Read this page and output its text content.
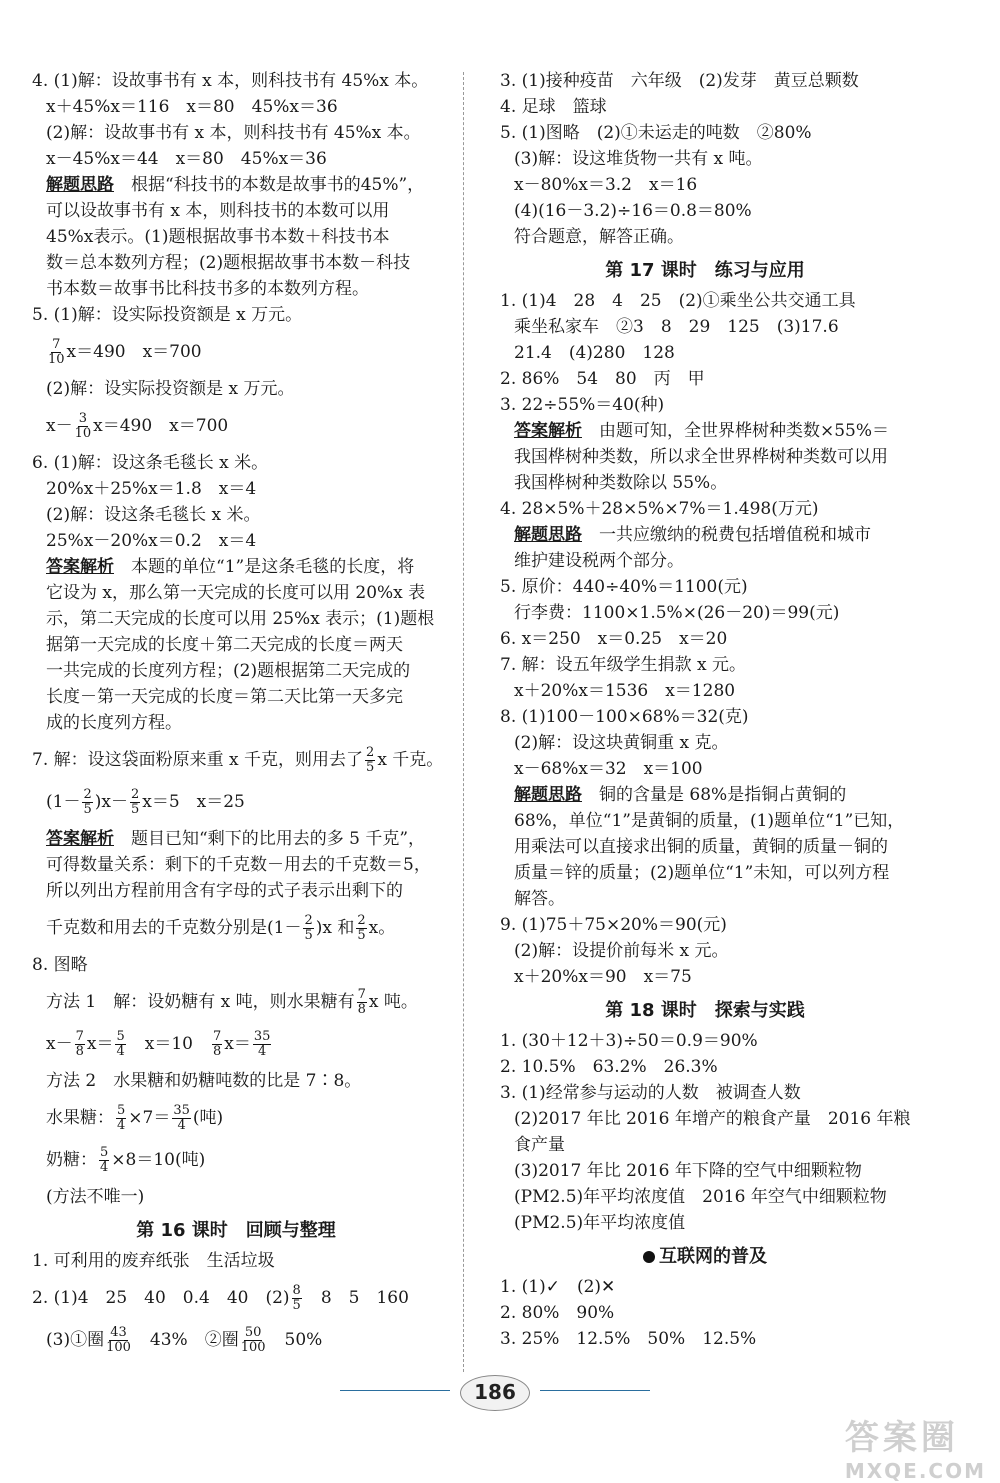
4. (1)解：设故事书有 x 本，则科技书有 45%x 本。
x＋45%x＝116　x＝80　45%x＝36
(2)解：设故事书有 x 本，则科技书有 45%x 本。
x－45%x＝44　x＝80　45%x＝36
解题思路　根据“科技书的本数是故事书的45%”，
可以设故事书有 x 本，则科技书的本数可以用
45%x表示。(1)题根据故事书本数＋科技书本
数＝总本数列方程；(2)题根据故事书本数－科技
书本数＝故事书比科技书多的本数列方程。
5. (1)解：设实际投资额是 x 万元。
$\frac{7}{10} x=490$　x＝700
(2)解：设实际投资额是 x 万元。
$x- \frac{3}{10} x=490$　x＝700
6. (1)解：设这条毛毯长 x 米。
20%x＋25%x＝1.8　x＝4
(2)解：设这条毛毯长 x 米。
25%x－20%x＝0.2　x＝4
答案解析　本题的单位“1”是这条毛毯的长度，将
它设为 x，那么第一天完成的长度可以用 20%x 表
示，第二天完成的长度可以用 25%x 表示；(1)题根
据第一天完成的长度＋第二天完成的长度＝两天
一共完成的长度列方程；(2)题根据第二天完成的
长度－第一天完成的长度＝第二天比第一天多完
成的长度列方程。
7. 解：设这袋面粉原来重 x 千克，则用去了 $\frac{2}{5}$ x 千克。
$(1- \frac{2}{5} )x- \frac{2}{5} x=5$　x＝25
答案解析　题目已知“剩下的比用去的多 5 千克”，
可得数量关系：剩下的千克数－用去的千克数＝5，
所以列出方程前用含有字母的式子表示出剩下的
千克数和用去的千克数分别是$(1- \frac{2}{5} )x$ 和 $\frac{2}{5}$ x。
8. 图略
方法 1　解：设奶糖有 x 吨，则水果糖有 $\frac{7}{8}$ x 吨。
$x- \frac{7}{8} x= \frac{5}{4}$ 　x＝10　 $\frac{7}{8} x= \frac{35}{4}$
方法 2　水果糖和奶糖吨数的比是 7∶8。
水果糖： $\frac{5}{4} \times 7= \frac{35}{4}$ (吨)
奶糖： $\frac{5}{4} \times 8=10$(吨)
(方法不唯一)
第 16 课时　回顾与整理
1. 可利用的废弃纸张　生活垃圾
2. (1)4　25　40　0.4　40　$(2) \frac{8}{5}$ 　8　5　160
(3)①圈 $\frac{43}{100}$ 　43%　②圈 $\frac{50}{100}$ 　50%
3. (1)接种疫苗　六年级　(2)发芽　黄豆总颗数
4. 足球　篮球
5. (1)图略　(2)①未运走的吨数　②80%
(3)解：设这堆货物一共有 x 吨。
x－80%x＝3.2　x＝16
(4)(16－3.2)÷16＝0.8＝80%
符合题意，解答正确。
第 17 课时　练习与应用
1. (1)4　28　4　25　(2)①乘坐公共交通工具
乘坐私家车　②3　8　29　125　(3)17.6
21.4　(4)280　128
2. 86%　54　80　丙　甲
3. 22÷55%＝40(种)
答案解析　由题可知，全世界桦树种类数×55%＝
我国桦树种类数，所以求全世界桦树种类数可以用
我国桦树种类数除以 55%。
4. 28×5%＋28×5%×7%＝1.498(万元)
解题思路　一共应缴纳的税费包括增值税和城市
维护建设税两个部分。
5. 原价：440÷40%＝1100(元)
行李费：1100×1.5%×(26－20)＝99(元)
6. x＝250　x＝0.25　x＝20
7. 解：设五年级学生捐款 x 元。
x＋20%x＝1536　x＝1280
8. (1)100－100×68%＝32(克)
(2)解：设这块黄铜重 x 克。
x－68%x＝32　x＝100
解题思路　铜的含量是 68%是指铜占黄铜的
68%，单位“1”是黄铜的质量，(1)题单位“1”已知，
用乘法可以直接求出铜的质量，黄铜的质量－铜的
质量＝锌的质量；(2)题单位“1”未知，可以列方程
解答。
9. (1)75＋75×20%＝90(元)
(2)解：设提价前每米 x 元。
x＋20%x＝90　x＝75
第 18 课时　探索与实践
1. (30＋12＋3)÷50＝0.9＝90%
2. 10.5%　63.2%　26.3%
3. (1)经常参与运动的人数　被调查人数
(2)2017 年比 2016 年增产的粮食产量　2016 年粮
食产量
(3)2017 年比 2016 年下降的空气中细颗粒物
(PM2.5)年平均浓度值　2016 年空气中细颗粒物
(PM2.5)年平均浓度值
互联网的普及
1. (1)✓　(2)✕
2. 80%　90%
3. 25%　12.5%　50%　12.5%
186
答案圈
MXQE.COM
